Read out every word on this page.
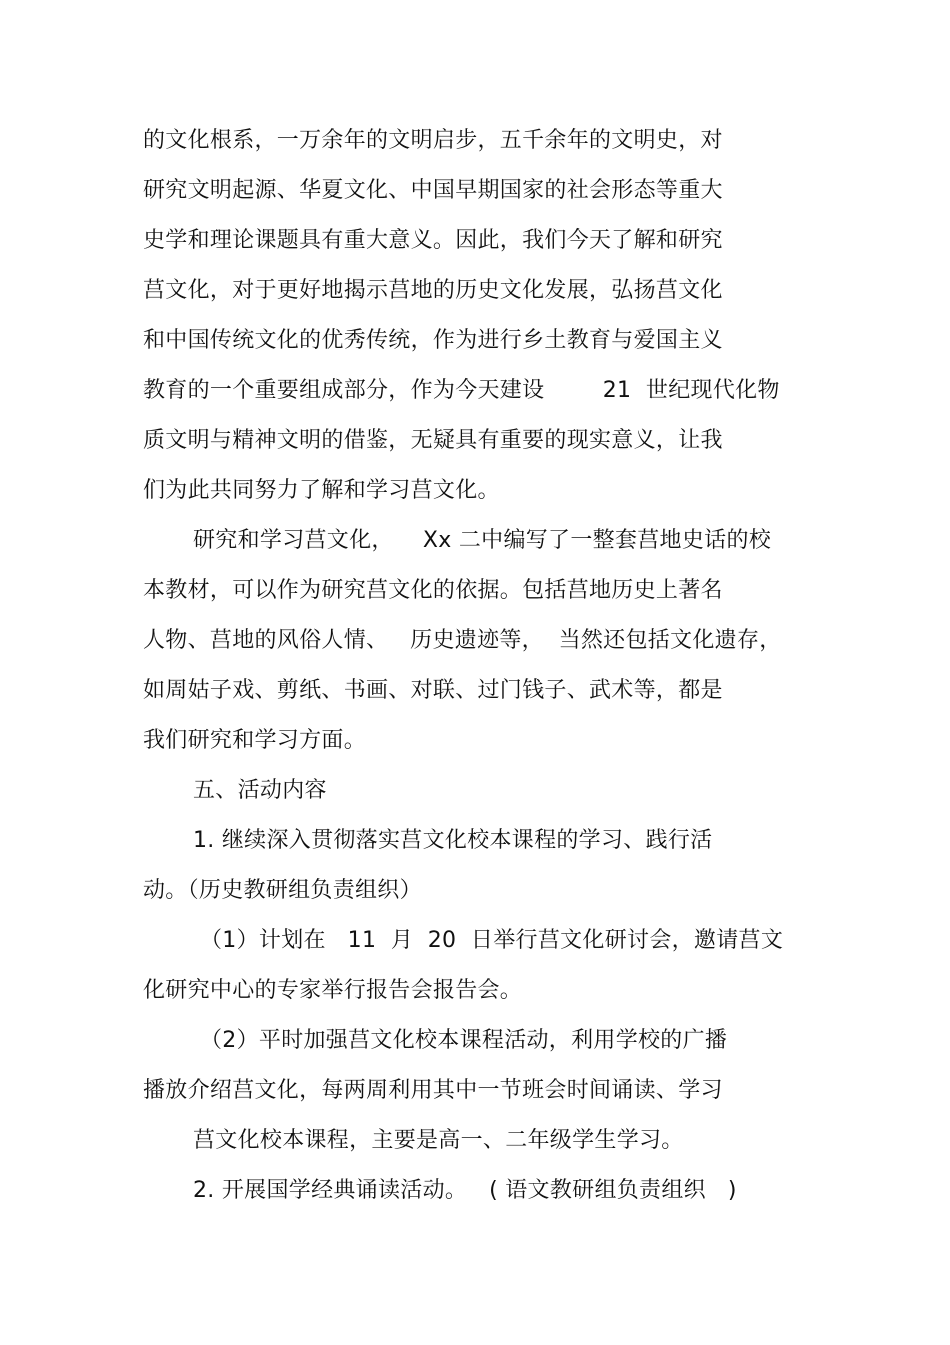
的文化根系，一万余年的文明启步，五千余年的文明史，对
研究文明起源、华夏文化、中国早期国家的社会形态等重大
史学和理论课题具有重大意义。因此，我们今天了解和研究
莒文化，对于更好地揭示莒地的历史文化发展，弘扬莒文化
和中国传统文化的优秀传统，作为进行乡土教育与爱国主义
教育的一个重要组成部分，作为今天建设        21  世纪现代化物
质文明与精神文明的借鉴，无疑具有重要的现实意义，让我
们为此共同努力了解和学习莒文化。
研究和学习莒文化，    Xx 二中编写了一整套莒地史话的校
本教材，可以作为研究莒文化的依据。包括莒地历史上著名
人物、莒地的风俗人情、   历史遗迹等，  当然还包括文化遗存，
如周姑子戏、剪纸、书画、对联、过门钱子、武术等，都是
我们研究和学习方面。
五、活动内容
1. 继续深入贯彻落实莒文化校本课程的学习、践行活
动。（历史教研组负责组织）
（1）计划在   11  月  20  日举行莒文化研讨会，邀请莒文
化研究中心的专家举行报告会报告会。
（2）平时加强莒文化校本课程活动，利用学校的广播
播放介绍莒文化，每两周利用其中一节班会时间诵读、学习
莒文化校本课程，主要是高一、二年级学生学习。
2. 开展国学经典诵读活动。   ( 语文教研组负责组织   )
